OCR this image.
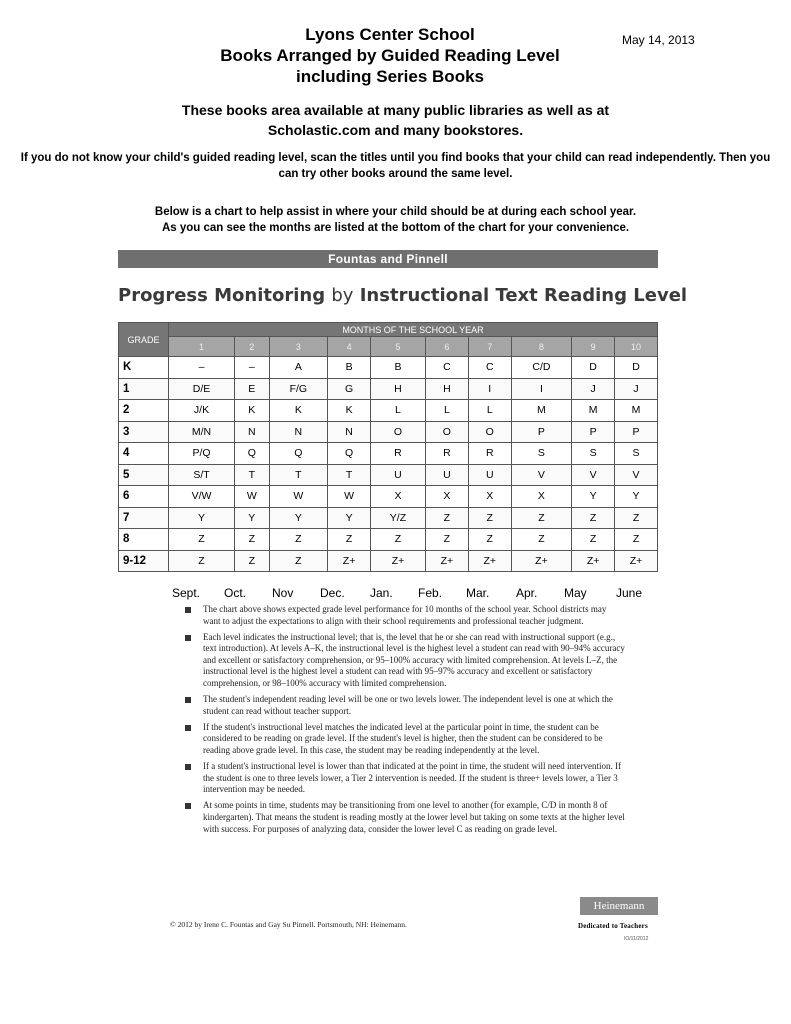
May 14, 2013
Lyons Center School
Books Arranged by Guided Reading Level
including Series Books
These books area available at many public libraries as well as at
Scholastic.com and many bookstores.
If you do not know your child's guided reading level, scan the titles until you find books that your child can read independently. Then you can try other books around the same level.
Below is a chart to help assist in where your child should be at during each school year.
As you can see the months are listed at the bottom of the chart for your convenience.
Fountas and Pinnell
Progress Monitoring by Instructional Text Reading Level
GRADE	MONTHS OF THE SCHOOL YEAR									
	1	2	3	4	5	6	7	8	9	10
K	–	–	A	B	B	C	C	C/D	D	D
1	D/E	E	F/G	G	H	H	I	I	J	J
2	J/K	K	K	K	L	L	L	M	M	M
3	M/N	N	N	N	O	O	O	P	P	P
4	P/Q	Q	Q	Q	R	R	R	S	S	S
5	S/T	T	T	T	U	U	U	V	V	V
6	V/W	W	W	W	X	X	X	X	Y	Y
7	Y	Y	Y	Y	Y/Z	Z	Z	Z	Z	Z
8	Z	Z	Z	Z	Z	Z	Z	Z	Z	Z
9-12	Z	Z	Z	Z+	Z+	Z+	Z+	Z+	Z+	Z+
Sept. Oct. Nov Dec. Jan. Feb. Mar. Apr. May June
The chart above shows expected grade level performance for 10 months of the school year. School districts may want to adjust the expectations to align with their school requirements and professional teacher judgment.
Each level indicates the instructional level; that is, the level that he or she can read with instructional support (e.g., text introduction). At levels A–K, the instructional level is the highest level a student can read with 90–94% accuracy and excellent or satisfactory comprehension, or 95–100% accuracy with limited comprehension. At levels L–Z, the instructional level is the highest level a student can read with 95–97% accuracy and excellent or satisfactory comprehension, or 98–100% accuracy with limited comprehension.
The student's independent reading level will be one or two levels lower. The independent level is one at which the student can read without teacher support.
If the student's instructional level matches the indicated level at the particular point in time, the student can be considered to be reading on grade level. If the student's level is higher, then the student can be considered to be reading above grade level. In this case, the student may be reading independently at the level.
If a student's instructional level is lower than that indicated at the point in time, the student will need intervention. If the student is one to three levels lower, a Tier 2 intervention is needed. If the student is three+ levels lower, a Tier 3 intervention may be needed.
At some points in time, students may be transitioning from one level to another (for example, C/D in month 8 of kindergarten). That means the student is reading mostly at the lower level but taking on some texts at the higher level with success. For purposes of analyzing data, consider the lower level C as reading on grade level.
© 2012 by Irene C. Fountas and Gay Su Pinnell. Portsmouth, NH: Heinemann.
Heinemann
Dedicated to Teachers
IO/11/2012
